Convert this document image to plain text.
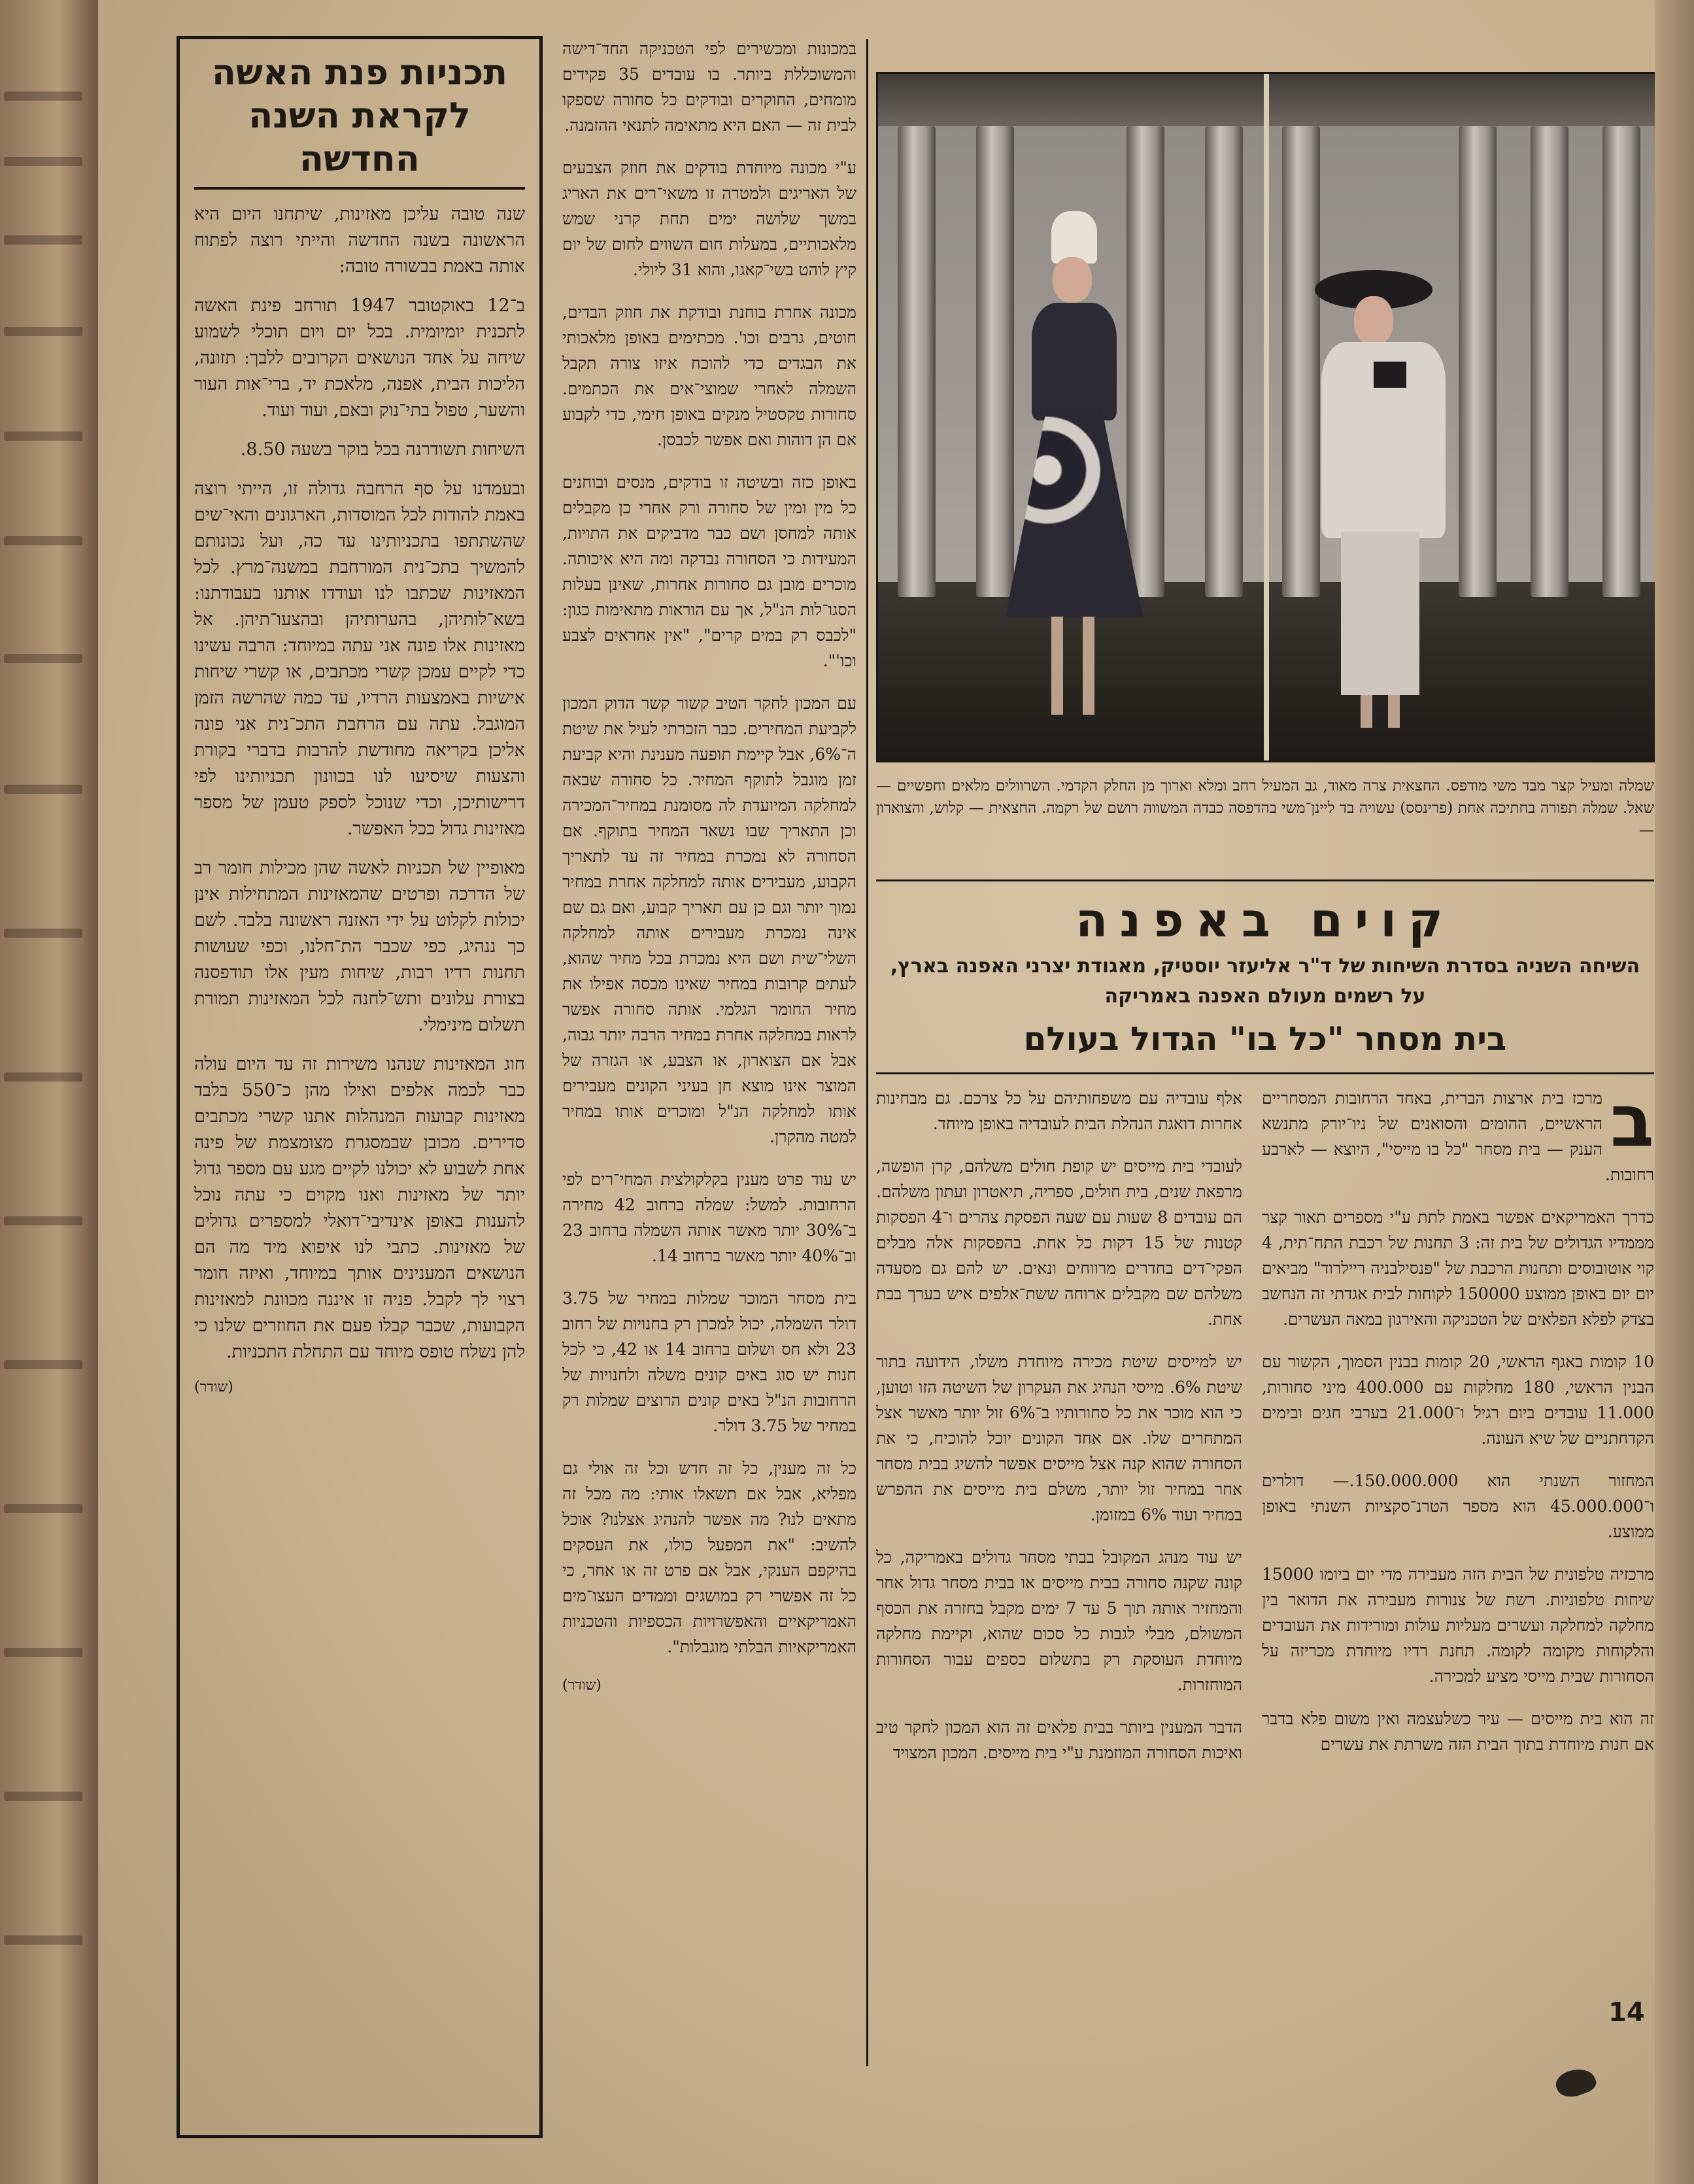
תכניות פנת האשה לקראת השנה החדשה

שנה טובה עליכן מאזינות, שיתחנו היום היא הראשונה בשנה החדשה והייתי רוצה לפתוח אותה באמת בבשורה טובה:

ב־12 באוקטובר 1947 תורחב פינת האשה לתכנית יומיומית. בכל יום ויום תוכלי לשמוע שיחה על אחד הנושאים הקרובים ללבך: תזונה, הליכות הבית, אפנה, מלאכת יד, ברי־אות העור והשער, טפול בתי־נוק ובאם, ועוד ועוד.

השיחות תשודרנה בכל בוקר בשעה 8.50.

ובעמדנו על סף הרחבה גדולה זו, הייתי רוצה באמת להודות לכל המוסדות, הארגונים והאי־שים שהשתתפו בתכניותינו עד כה, ועל נכונותם להמשיך בתכ־נית המורחבת במשנה־מרץ. לכל המאזינות שכתבו לנו ועודדו אותנו בעבודתנו: בשא־לותיהן, בהערותיהן ובהצעו־תיהן. אל מאזינות אלו פונה אני עתה במיוחד: הרבה עשינו כדי לקיים עמכן קשרי מכתבים, או קשרי שיחות אישיות באמצעות הרדיו, עד כמה שהרשה הזמן המוגבל. עתה עם הרחבת התכ־נית אני פונה אליכן בקריאה מחודשת להרבות בדברי בקורת והצעות שיסיעו לנו בכוונון תכניותינו לפי דרישותיכן, וכדי שנוכל לספק טעמן של מספר מאזינות גדול ככל האפשר.

מאופיין של תכניות לאשה שהן מכילות חומר רב של הדרכה ופרטים שהמאזינות המתחילות אינן יכולות לקלוט על ידי האזנה ראשונה בלבד. לשם כך ננהיג, כפי שכבר הת־חלנו, וכפי שעושות תחנות רדיו רבות, שיחות מעין אלו תודפסנה בצורת עלונים ותש־לחנה לכל המאזינות תמורת תשלום מינימלי.

חוג המאזינות שנהנו משירות זה עד היום עולה כבר לכמה אלפים ואילו מהן כ־550 בלבד מאזינות קבועות המנהלות אתנו קשרי מכתבים סדירים. מכובן שבמסגרת מצומצמת של פינה אחת לשבוע לא יכולנו לקיים מגע עם מספר גדול יותר של מאזינות ואנו מקוים כי עתה נוכל להענות באופן אינדיבי־דואלי למספרים גדולים של מאזינות. כתבי לנו איפוא מיד מה הם הנושאים המענינים אותך במיוחד, ואיזה חומר רצוי לך לקבל. פניה זו איננה מכוונת למאזינות הקבועות, שכבר קבלו פעם את החוזרים שלנו כי להן נשלח טופס מיוחד עם התחלת התכניות.

(שודר)

במכונות ומכשירים לפי הטכניקה החד־דישה והמשוכללת ביותר. בו עובדים 35 פקידים מומחים, החוקרים ובודקים כל סחורה שספקו לבית זה — האם היא מתאימה לתנאי ההזמנה.

ע"י מכונה מיוחדת בודקים את חוזק הצבעים של האריגים ולמטרה זו משאי־רים את האריג במשך שלושה ימים תחת קרני שמש מלאכותיים, במעלות חום השווים לחום של יום קיץ לוהט בשי־קאגו, והוא 31 ליולי.

מכונה אחרת בוחנת ובודקת את חוזק הבדים, חוטים, גרבים וכו'. מכתימים באופן מלאכותי את הבגדים כדי להוכח איזו צורה תקבל השמלה לאחרי שמוצי־אים את הכתמים. סחורות טקסטיל מנקים באופן חימי, כדי לקבוע אם הן דוהות ואם אפשר לכבסן.

באופן כזה ובשיטה זו בודקים, מנסים ובוחנים כל מין ומין של סחורה ורק אחרי כן מקבלים אותה למחסן ושם כבר מדביקים את התויות, המעידות כי הסחורה נבדקה ומה היא איכותה. מוכרים מובן גם סחורות אחרות, שאינן בעלות הסגו־לות הנ"ל, אך עם הוראות מתאימות כגון: "לכבס רק במים קרים", "אין אחראים לצבע וכו'".

עם המכון לחקר הטיב קשור קשר הדוק המכון לקביעת המחירים. כבר הזכרתי לעיל את שיטת ה־6%, אבל קיימת תופעה מענינת והיא קביעת זמן מוגבל לתוקף המחיר. כל סחורה שבאה למחלקה המיועדת לה מסומנת במחיר־המכירה וכן התאריך שבו נשאר המחיר בתוקף. אם הסחורה לא נמכרת במחיר זה עד לתאריך הקבוע, מעבירים אותה למחלקה אחרת במחיר נמוך יותר וגם כן עם תאריך קבוע, ואם גם שם אינה נמכרת מעבירים אותה למחלקה השלי־שית ושם היא נמכרת בכל מחיר שהוא, לעתים קרובות במחיר שאינו מכסה אפילו את מחיר החומר הגלמי. אותה סחורה אפשר לראות במחלקה אחרת במחיר הרבה יותר גבוה, אבל אם הצוארון, או הצבע, או הגזרה של המוצר אינו מוצא חן בעיני הקונים מעבירים אותו למחלקה הנ"ל ומוכרים אותו במחיר למטה מהקרן.

יש עוד פרט מענין בקלקולצית המחי־רים לפי הרחובות. למשל: שמלה ברחוב 42 מחירה ב־30% יותר מאשר אותה השמלה ברחוב 23 וב־40% יותר מאשר ברחוב 14.

בית מסחר המוכר שמלות במחיר של 3.75 דולר השמלה, יכול למכרן רק בחנויות של רחוב 23 ולא חס ושלום ברחוב 14 או 42, כי לכל חנות יש סוג באים קונים משלה ולחנויות של הרחובות הנ"ל באים קונים הרוצים שמלות רק במחיר של 3.75 דולר.

כל זה מענין, כל זה חדש וכל זה אולי גם מפליא, אבל אם תשאלו אותי: מה מכל זה מתאים לנו? מה אפשר להנהיג אצלנו? אוכל להשיב: "את המפעל כולו, את העסקים בהיקפם הענקי, אבל אם פרט זה או אחר, כי כל זה אפשרי רק במושגים וממדים העצו־מים האמריקאיים והאפשרויות הכספיות והטכניות האמריקאיות הבלתי מוגבלות".

(שודר)
שמלה ומעיל קצר מבד משי מודפס. החצאית צרה מאוד, גב המעיל רחב ומלא וארוך מן החלק הקדמי. השרוולים מלאים וחפשיים — שאל. שמלה תפורה בחתיכה אחת (פרינסס) עשויה בד ליינן־משי בהדפסה כבדה המשווה רושם של רקמה. החצאית — קלוש, והצוארון —
קוים באפנה
השיחה השניה בסדרת השיחות של ד"ר אליעזר יוסטיק, מאגודת יצרני האפנה בארץ, על רשמים מעולם האפנה באמריקה
בית מסחר "כל בו" הגדול בעולם

ב
מרכז בית ארצות הברית, באחד הרחובות המסחריים הראשיים, ההומים והסואנים של ניו־יורק מתנשא הענק — בית מסחר "כל בו מייסי", היוצא — לארבע רחובות.

כדרך האמריקאים אפשר באמת לתת ע"י מספרים תאור קצר מממדיו הגדולים של בית זה: 3 תחנות של רכבת התח־תית, 4 קוי אוטובוסים ותחנות הרכבת של "פנסילבניה ריילרוד" מביאים יום יום באופן ממוצע 150000 לקוחות לבית אגדתי זה הנחשב בצדק לפלא הפלאים של הטכניקה והאירגון במאה העשרים.

10 קומות באגף הראשי, 20 קומות בבנין הסמוך, הקשור עם הבנין הראשי, 180 מחלקות עם 400.000 מיני סחורות, 11.000 עובדים ביום רגיל ו־21.000 בערבי חגים ובימים הקדחתניים של שיא העונה.

המחזור השנתי הוא 150.000.000.— דולרים ו־45.000.000 הוא מספר הטרנ־סקציות השנתי באופן ממוצע.

מרכזיה טלפונית של הבית הזה מעבירה מדי יום ביומו 15000 שיחות טלפוניות. רשת של צנורות מעבירה את הדואר בין מחלקה למחלקה ועשרים מעליות עולות ומורידות את העובדים והלקוחות מקומה לקומה. תחנת רדיו מיוחדת מכריזה על הסחורות שבית מייסי מציע למכירה.

זה הוא בית מייסים — עיר כשלעצמה ואין משום פלא בדבר אם חנות מיוחדת בתוך הבית הזה משרתת את עשרים

אלף עובדיה עם משפחותיהם על כל צרכם. גם מבחינות אחרות דואגת הנהלת הבית לעובדיה באופן מיוחד.

לעובדי בית מייסים יש קופת חולים משלהם, קרן הופשה, מרפאת שנים, בית חולים, ספריה, תיאטרון ועתון משלהם. הם עובדים 8 שעות עם שעה הפסקת צהרים ו־4 הפסקות קטנות של 15 דקות כל אחת. בהפסקות אלה מבלים הפקי־דים בחדרים מרווחים ונאים. יש להם גם מסעדה משלהם שם מקבלים ארוחה ששת־אלפים איש בערך בבת אחת.

יש למייסים שיטת מכירה מיוחדת משלו, הידועה בתור שיטת 6%. מייסי הנהיג את העקרון של השיטה הזו וטוען, כי הוא מוכר את כל סחורותיו ב־6% זול יותר מאשר אצל המתחרים שלו. אם אחד הקונים יוכל להוכיח, כי את הסחורה שהוא קנה אצל מייסים אפשר להשיג בבית מסחר אחר במחיר זול יותר, משלם בית מייסים את ההפרש במחיר ועוד 6% במזומן.

יש עוד מנהג המקובל בבתי מסחר גדולים באמריקה, כל קונה שקנה סחורה בבית מייסים או בבית מסחר גדול אחר והמחזיר אותה תוך 5 עד 7 ימים מקבל בחזרה את הכסף המשולם, מבלי לגבות כל סכום שהוא, וקיימת מחלקה מיוחדת העוסקת רק בתשלום כספים עבור הסחורות המוחזרות.

הדבר המענין ביותר בבית פלאים זה הוא המכון לחקר טיב ואיכות הסחורה המוזמנת ע"י בית מייסים. המכון המצויד

14
